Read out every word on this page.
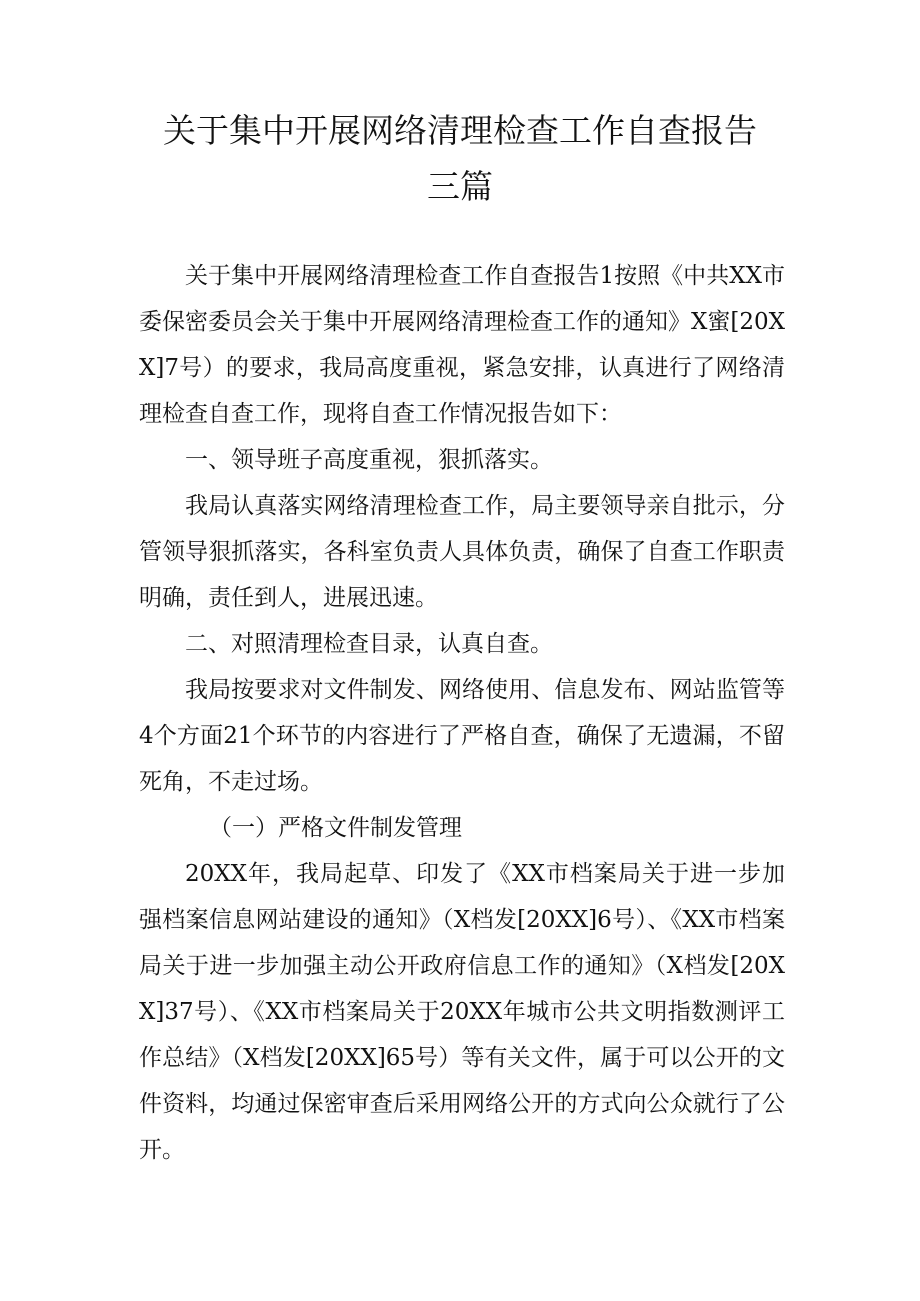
关于集中开展网络清理检查工作自查报告
三篇

关于集中开展网络清理检查工作自查报告1按照《中共XX市委保密委员会关于集中开展网络清理检查工作的通知》X蜜[20XX]7号）的要求，我局高度重视，紧急安排，认真进行了网络清理检查自查工作，现将自查工作情况报告如下：

一、领导班子高度重视，狠抓落实。

我局认真落实网络清理检查工作，局主要领导亲自批示，分管领导狠抓落实，各科室负责人具体负责，确保了自查工作职责明确，责任到人，进展迅速。

二、对照清理检查目录，认真自查。

我局按要求对文件制发、网络使用、信息发布、网站监管等4个方面21个环节的内容进行了严格自查，确保了无遗漏，不留死角，不走过场。

（一）严格文件制发管理

20XX年，我局起草、印发了《XX市档案局关于进一步加强档案信息网站建设的通知》（X档发[20XX]6号）、《XX市档案局关于进一步加强主动公开政府信息工作的通知》（X档发[20XX]37号）、《XX市档案局关于20XX年城市公共文明指数测评工作总结》（X档发[20XX]65号）等有关文件，属于可以公开的文件资料，均通过保密审查后采用网络公开的方式向公众就行了公开。
